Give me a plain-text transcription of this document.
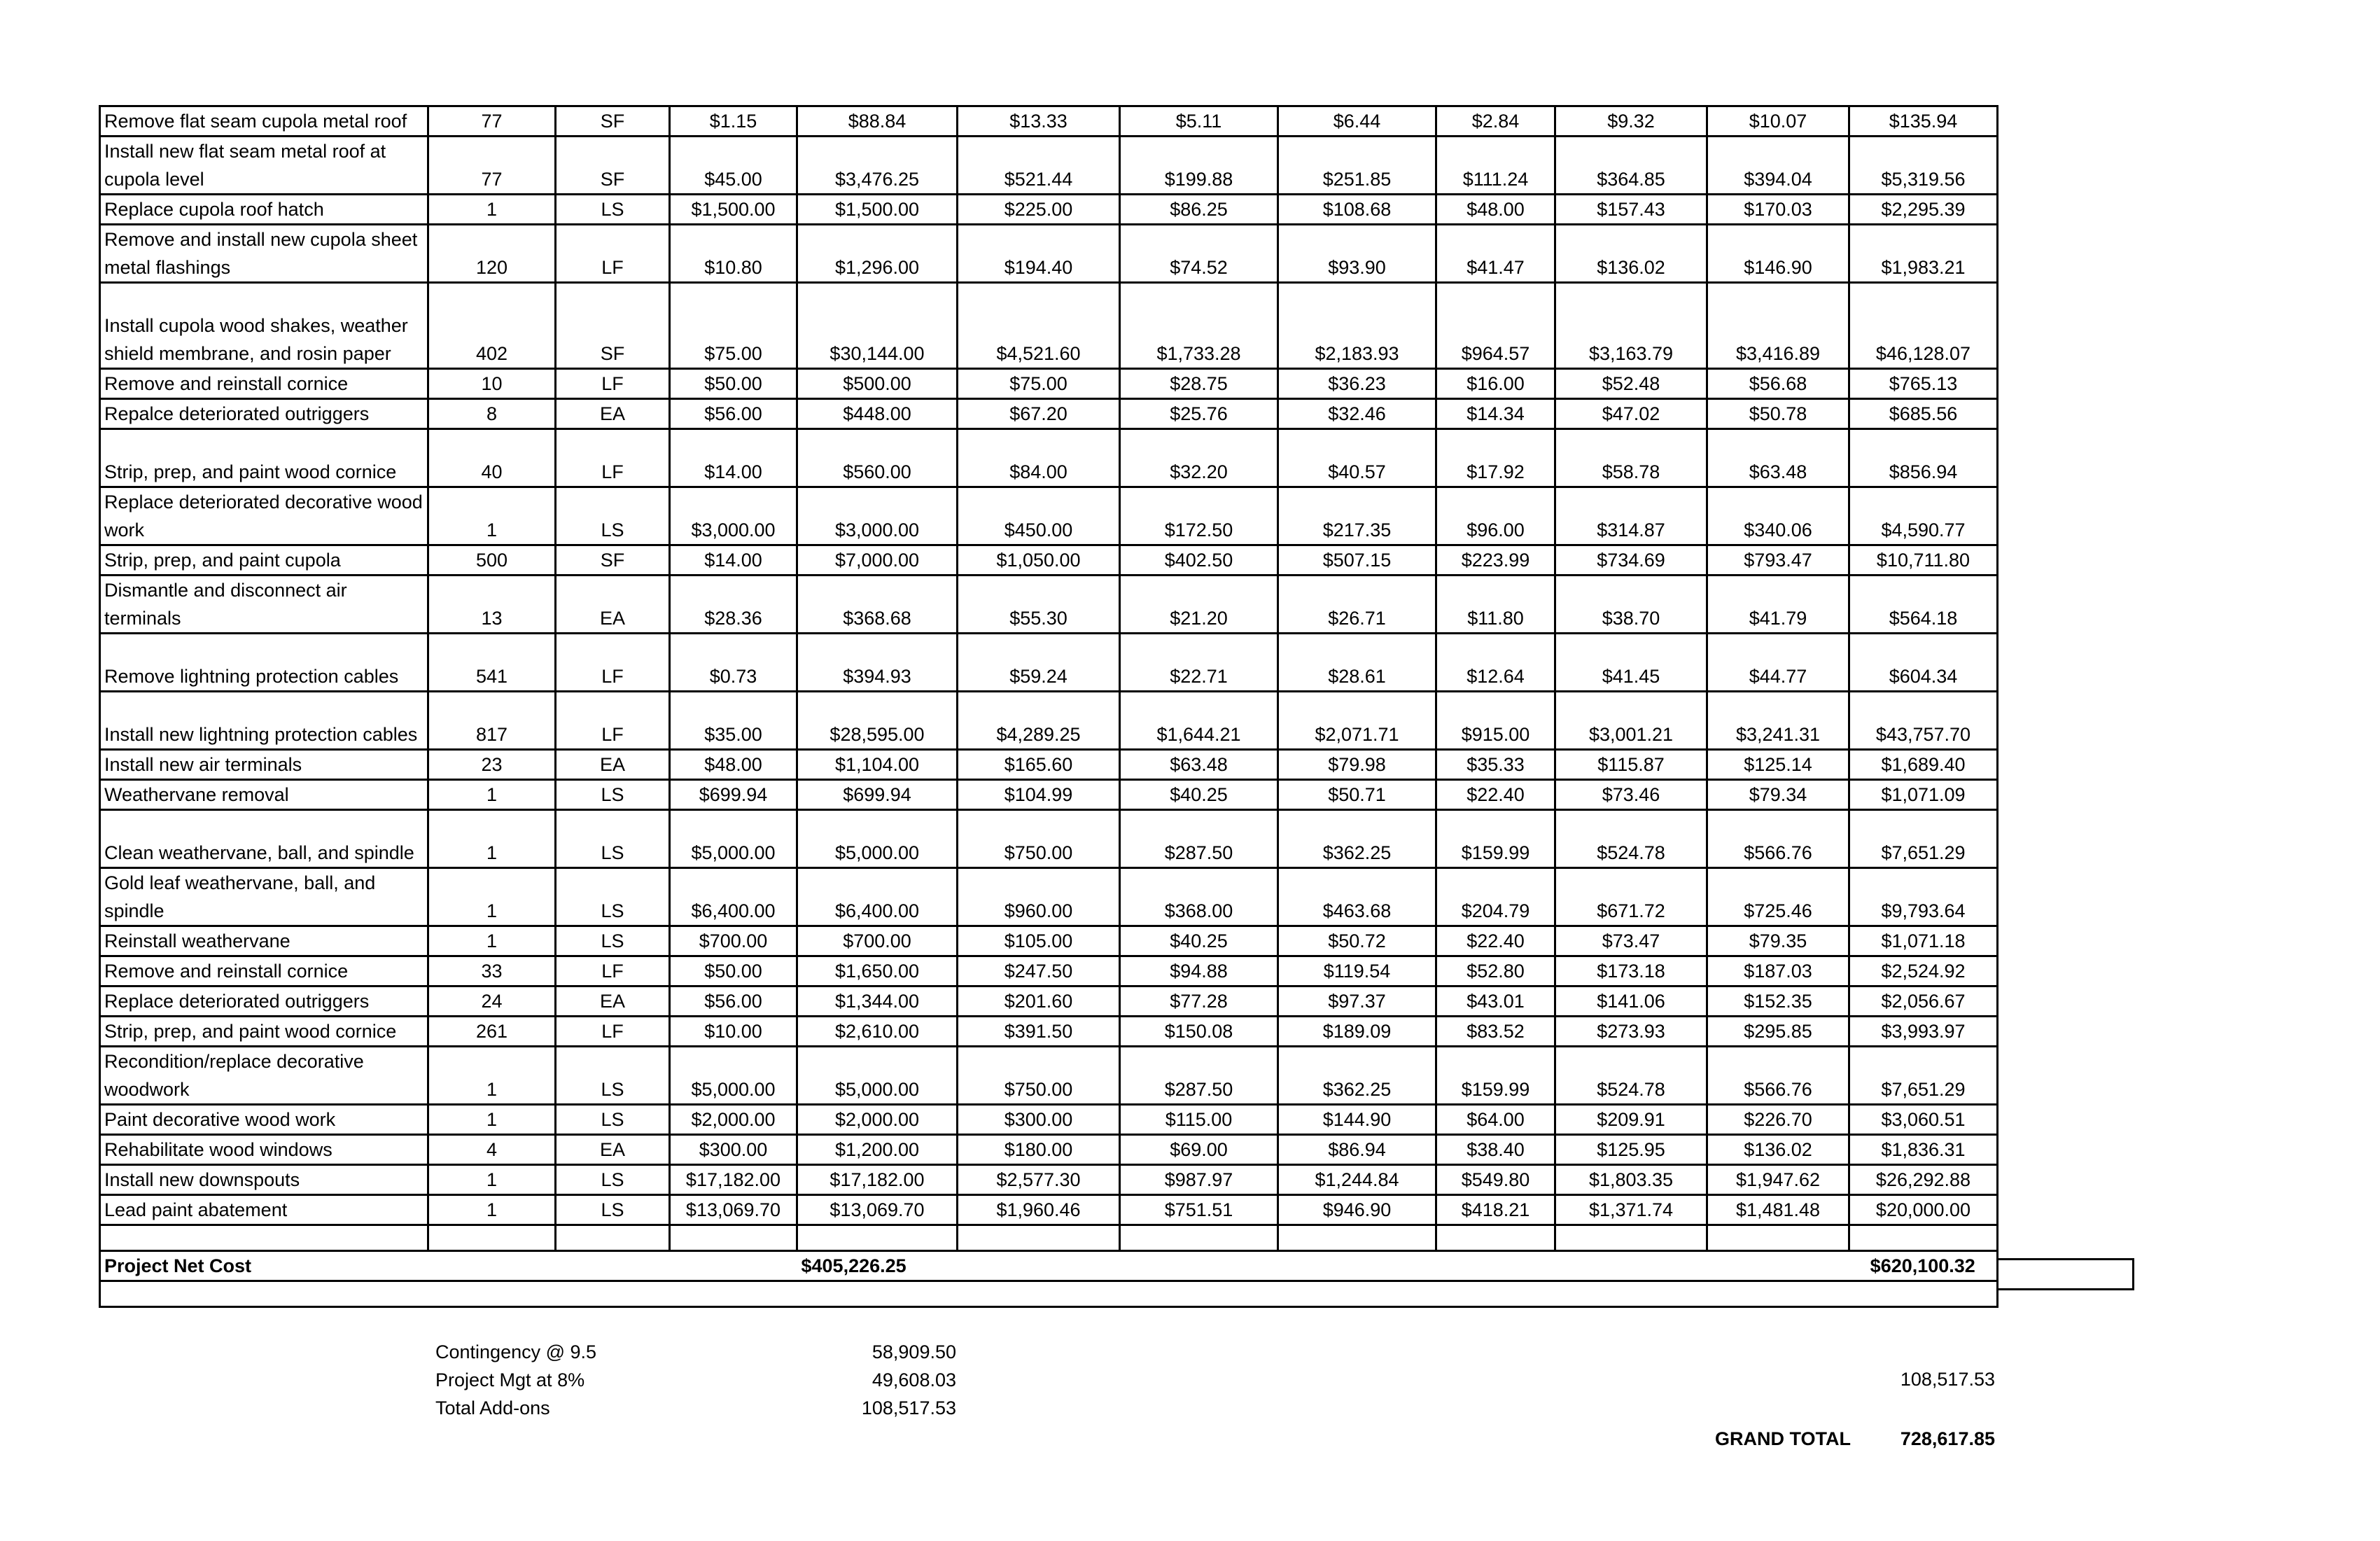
Remove flat seam cupola metal roof	77	SF	$1.15	$88.84	$13.33	$5.11	$6.44	$2.84	$9.32	$10.07	$135.94
Install new flat seam metal roof at cupola level	77	SF	$45.00	$3,476.25	$521.44	$199.88	$251.85	$111.24	$364.85	$394.04	$5,319.56
Replace cupola roof hatch	1	LS	$1,500.00	$1,500.00	$225.00	$86.25	$108.68	$48.00	$157.43	$170.03	$2,295.39
Remove and install new cupola sheet metal flashings	120	LF	$10.80	$1,296.00	$194.40	$74.52	$93.90	$41.47	$136.02	$146.90	$1,983.21
Install cupola wood shakes, weather shield membrane, and rosin paper	402	SF	$75.00	$30,144.00	$4,521.60	$1,733.28	$2,183.93	$964.57	$3,163.79	$3,416.89	$46,128.07
Remove and reinstall cornice	10	LF	$50.00	$500.00	$75.00	$28.75	$36.23	$16.00	$52.48	$56.68	$765.13
Repalce deteriorated outriggers	8	EA	$56.00	$448.00	$67.20	$25.76	$32.46	$14.34	$47.02	$50.78	$685.56
Strip, prep, and paint wood cornice	40	LF	$14.00	$560.00	$84.00	$32.20	$40.57	$17.92	$58.78	$63.48	$856.94
Replace deteriorated decorative wood work	1	LS	$3,000.00	$3,000.00	$450.00	$172.50	$217.35	$96.00	$314.87	$340.06	$4,590.77
Strip, prep, and paint cupola	500	SF	$14.00	$7,000.00	$1,050.00	$402.50	$507.15	$223.99	$734.69	$793.47	$10,711.80
Dismantle and disconnect air terminals	13	EA	$28.36	$368.68	$55.30	$21.20	$26.71	$11.80	$38.70	$41.79	$564.18
Remove lightning protection cables	541	LF	$0.73	$394.93	$59.24	$22.71	$28.61	$12.64	$41.45	$44.77	$604.34
Install new lightning protection cables	817	LF	$35.00	$28,595.00	$4,289.25	$1,644.21	$2,071.71	$915.00	$3,001.21	$3,241.31	$43,757.70
Install new air terminals	23	EA	$48.00	$1,104.00	$165.60	$63.48	$79.98	$35.33	$115.87	$125.14	$1,689.40
Weathervane removal	1	LS	$699.94	$699.94	$104.99	$40.25	$50.71	$22.40	$73.46	$79.34	$1,071.09
Clean weathervane, ball, and spindle	1	LS	$5,000.00	$5,000.00	$750.00	$287.50	$362.25	$159.99	$524.78	$566.76	$7,651.29
Gold leaf weathervane, ball, and spindle	1	LS	$6,400.00	$6,400.00	$960.00	$368.00	$463.68	$204.79	$671.72	$725.46	$9,793.64
Reinstall weathervane	1	LS	$700.00	$700.00	$105.00	$40.25	$50.72	$22.40	$73.47	$79.35	$1,071.18
Remove and reinstall cornice	33	LF	$50.00	$1,650.00	$247.50	$94.88	$119.54	$52.80	$173.18	$187.03	$2,524.92
Replace deteriorated outriggers	24	EA	$56.00	$1,344.00	$201.60	$77.28	$97.37	$43.01	$141.06	$152.35	$2,056.67
Strip, prep, and paint wood cornice	261	LF	$10.00	$2,610.00	$391.50	$150.08	$189.09	$83.52	$273.93	$295.85	$3,993.97
Recondition/replace decorative woodwork	1	LS	$5,000.00	$5,000.00	$750.00	$287.50	$362.25	$159.99	$524.78	$566.76	$7,651.29
Paint decorative wood work	1	LS	$2,000.00	$2,000.00	$300.00	$115.00	$144.90	$64.00	$209.91	$226.70	$3,060.51
Rehabilitate wood windows	4	EA	$300.00	$1,200.00	$180.00	$69.00	$86.94	$38.40	$125.95	$136.02	$1,836.31
Install new downspouts	1	LS	$17,182.00	$17,182.00	$2,577.30	$987.97	$1,244.84	$549.80	$1,803.35	$1,947.62	$26,292.88
Lead paint abatement	1	LS	$13,069.70	$13,069.70	$1,960.46	$751.51	$946.90	$418.21	$1,371.74	$1,481.48	$20,000.00

Project Net Cost				$405,226.25							$620,100.32

Contingency @ 9.5	58,909.50
Project Mgt at 8%	49,608.03
Total Add-ons	108,517.53
108,517.53
GRAND TOTAL	728,617.85
